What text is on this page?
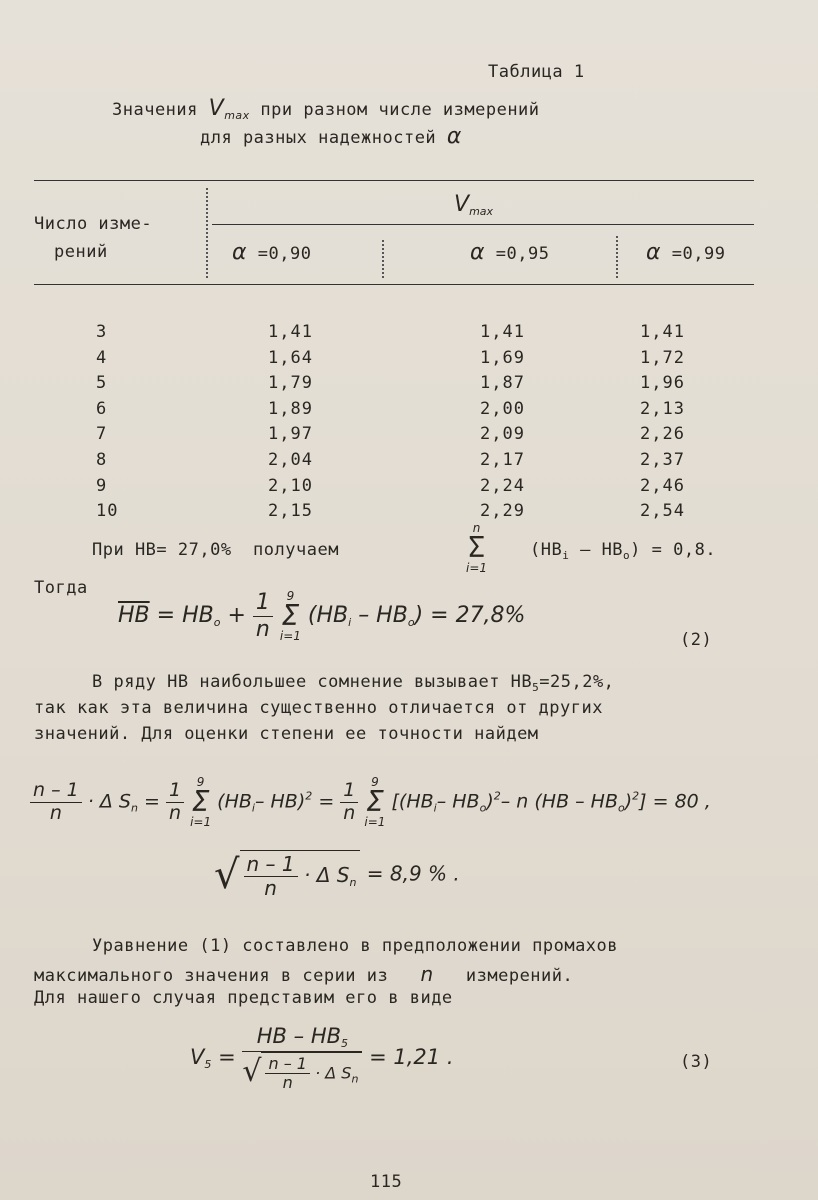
Таблица 1
Значения $V_{max}$ при разном числе измерений
для разных надежностей α
Число изме-
рений
$V_{max}$
α =0,90	α =0,95	α =0,99
3	1,41	1,41	1,41
4	1,64	1,69	1,72
5	1,79	1,87	1,96
6	1,89	2,00	2,13
7	1,97	2,09	2,26
8	2,04	2,17	2,37
9	2,10	2,24	2,46
10	2,15	2,29	2,54
При HB= 27,0% получаем
n
Σ
i=1
$(HB_i - HB_o) = 0,8$.
Тогда
$\overline{HB} = HB_o + \frac{1}{n} 9$
Σ
i=1 $(HB_i - HB_o) = 27,8\%$
(2)
В ряду HB наибольшее сомнение вызывает $HB_5=25,2\%$,
так как эта величина существенно отличается от других
значений. Для оценки степени ее точности найдем
$\frac{n - 1}{n} \cdot \Delta$ $S_n = \frac{1}{n} 9$
Σ
i=1 ($HB_i-$ $HB)^2 = \frac{1}{n} 9$
Σ
i=1 [($HB_i-$ $HB_o)^2-$ n $(HB - HB_o)^2] = 80$ ,
√ $\frac{n - 1}{n} \cdot \Delta$ $S_n = 8,9$ % .
Уравнение (1) составлено в предположении промахов
максимального значения в серии из n измерений.
Для нашего случая представим его в виде
$V_5 = \frac{HB - HB_5}{√ \frac{n - 1}{n} \cdot \Delta S_n} = 1,21$ .	(3)
115
